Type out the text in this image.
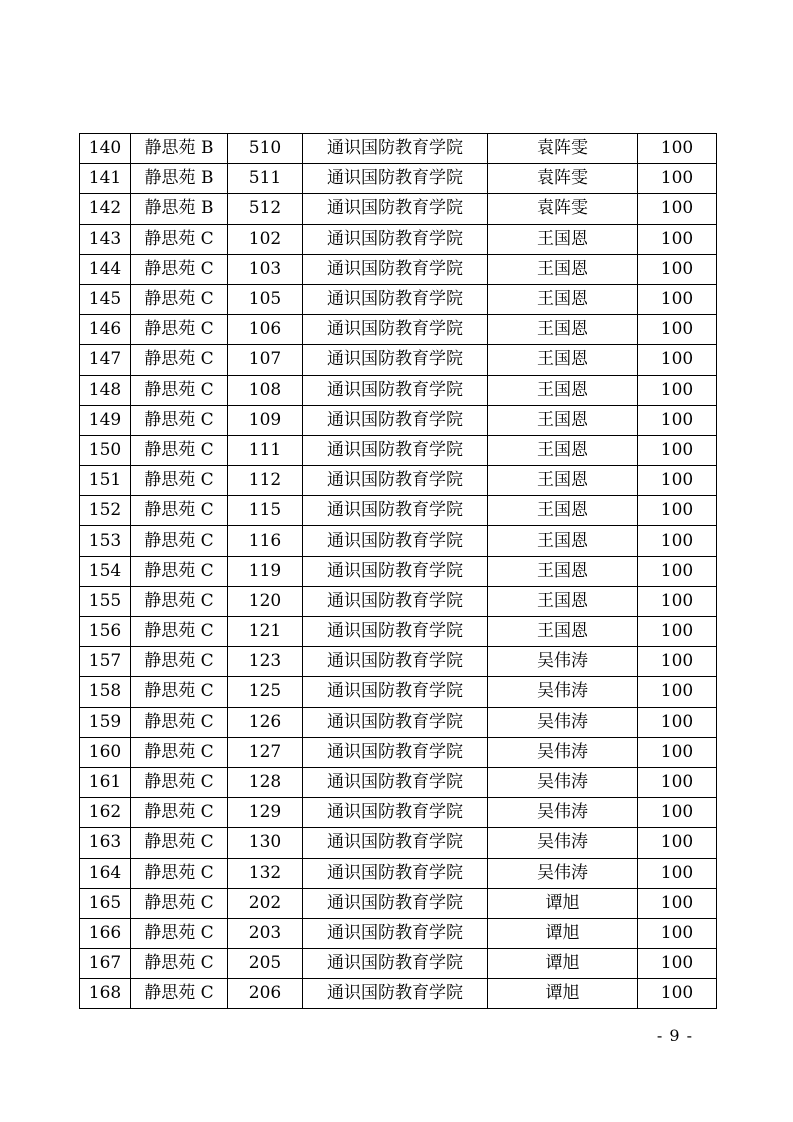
140	静思苑 B	510	通识国防教育学院	袁阵雯	100
141	静思苑 B	511	通识国防教育学院	袁阵雯	100
142	静思苑 B	512	通识国防教育学院	袁阵雯	100
143	静思苑 C	102	通识国防教育学院	王国恩	100
144	静思苑 C	103	通识国防教育学院	王国恩	100
145	静思苑 C	105	通识国防教育学院	王国恩	100
146	静思苑 C	106	通识国防教育学院	王国恩	100
147	静思苑 C	107	通识国防教育学院	王国恩	100
148	静思苑 C	108	通识国防教育学院	王国恩	100
149	静思苑 C	109	通识国防教育学院	王国恩	100
150	静思苑 C	111	通识国防教育学院	王国恩	100
151	静思苑 C	112	通识国防教育学院	王国恩	100
152	静思苑 C	115	通识国防教育学院	王国恩	100
153	静思苑 C	116	通识国防教育学院	王国恩	100
154	静思苑 C	119	通识国防教育学院	王国恩	100
155	静思苑 C	120	通识国防教育学院	王国恩	100
156	静思苑 C	121	通识国防教育学院	王国恩	100
157	静思苑 C	123	通识国防教育学院	吴伟涛	100
158	静思苑 C	125	通识国防教育学院	吴伟涛	100
159	静思苑 C	126	通识国防教育学院	吴伟涛	100
160	静思苑 C	127	通识国防教育学院	吴伟涛	100
161	静思苑 C	128	通识国防教育学院	吴伟涛	100
162	静思苑 C	129	通识国防教育学院	吴伟涛	100
163	静思苑 C	130	通识国防教育学院	吴伟涛	100
164	静思苑 C	132	通识国防教育学院	吴伟涛	100
165	静思苑 C	202	通识国防教育学院	谭旭	100
166	静思苑 C	203	通识国防教育学院	谭旭	100
167	静思苑 C	205	通识国防教育学院	谭旭	100
168	静思苑 C	206	通识国防教育学院	谭旭	100
- 9 -
